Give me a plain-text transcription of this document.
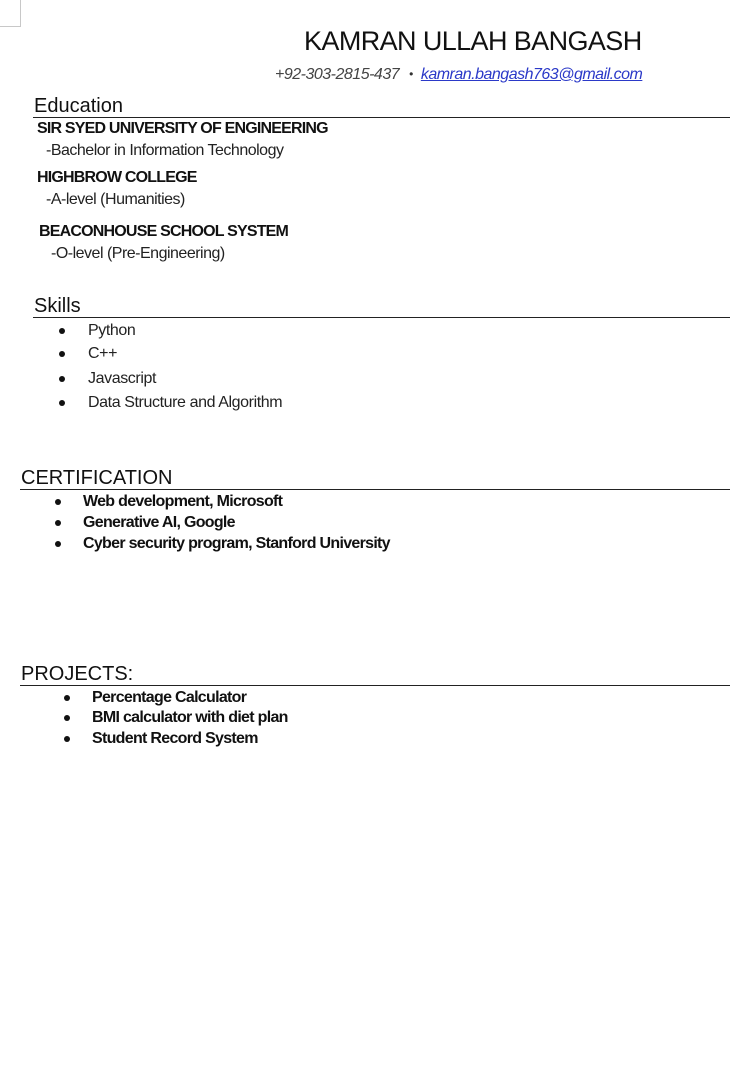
KAMRAN ULLAH BANGASH
+92-303-2815-437 • kamran.bangash763@gmail.com
Education
SIR SYED UNIVERSITY OF ENGINEERING
-Bachelor in Information Technology
HIGHBROW COLLEGE
-A-level (Humanities)
BEACONHOUSE SCHOOL SYSTEM
-O-level (Pre-Engineering)
Skills
Python
C++
Javascript
Data Structure and Algorithm
CERTIFICATION
Web development, Microsoft
Generative AI, Google
Cyber security program, Stanford University
PROJECTS:
Percentage Calculator
BMI calculator with diet plan
Student Record System
